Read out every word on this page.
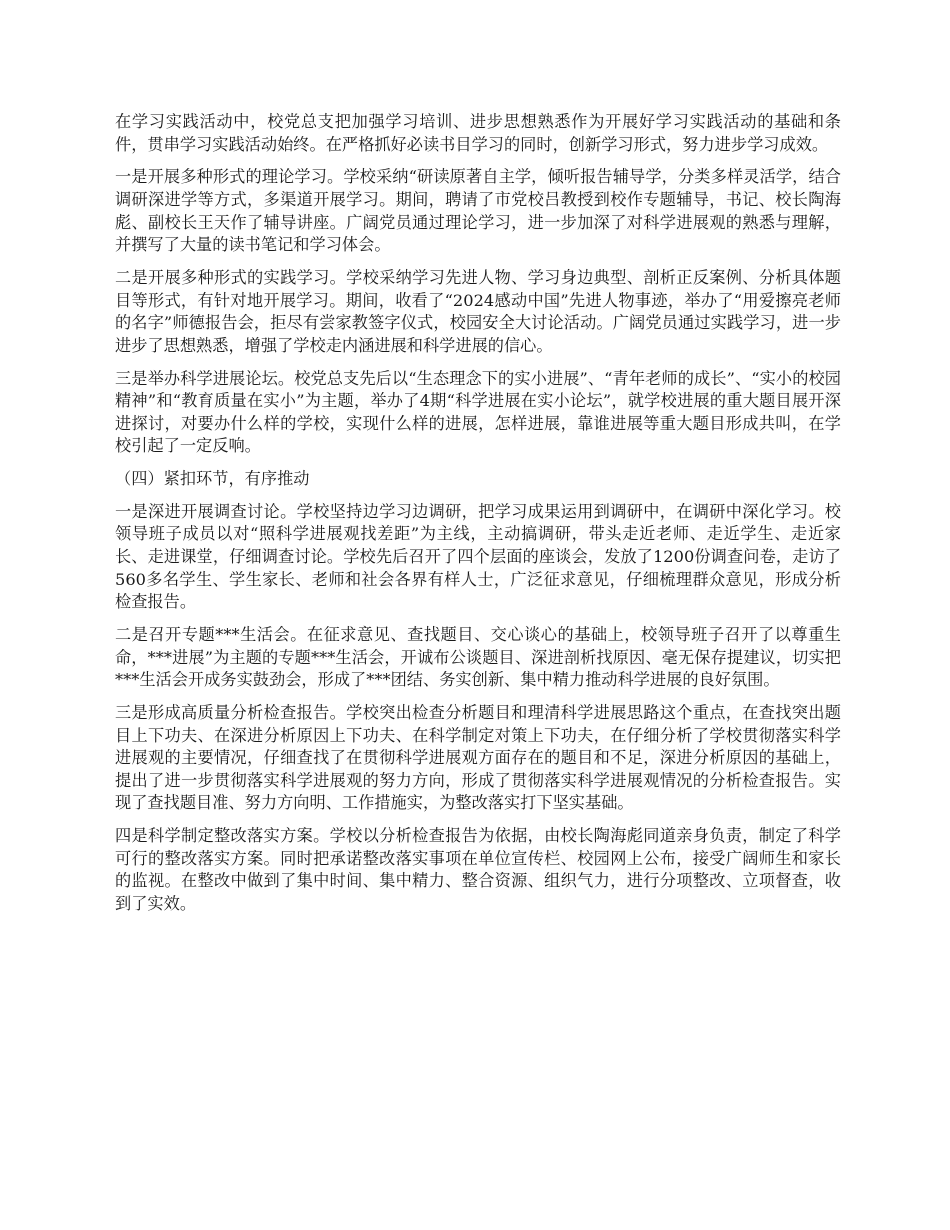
在学习实践活动中，校党总支把加强学习培训、进步思想熟悉作为开展好学习实践活动的基础和条件，贯串学习实践活动始终。在严格抓好必读书目学习的同时，创新学习形式，努力进步学习成效。

一是开展多种形式的理论学习。学校采纳“研读原著自主学，倾听报告辅导学，分类多样灵活学，结合调研深进学等方式，多渠道开展学习。期间，聘请了市党校吕教授到校作专题辅导，书记、校长陶海彪、副校长王天作了辅导讲座。广阔党员通过理论学习，进一步加深了对科学进展观的熟悉与理解，并撰写了大量的读书笔记和学习体会。

二是开展多种形式的实践学习。学校采纳学习先进人物、学习身边典型、剖析正反案例、分析具体题目等形式，有针对地开展学习。期间，收看了“2024感动中国”先进人物事迹，举办了“用爱擦亮老师的名字”师德报告会，拒尽有尝家教签字仪式，校园安全大讨论活动。广阔党员通过实践学习，进一步进步了思想熟悉，增强了学校走内涵进展和科学进展的信心。

三是举办科学进展论坛。校党总支先后以“生态理念下的实小进展”、“青年老师的成长”、“实小的校园精神”和“教育质量在实小”为主题，举办了4期“科学进展在实小论坛”，就学校进展的重大题目展开深进探讨，对要办什么样的学校，实现什么样的进展，怎样进展，靠谁进展等重大题目形成共叫，在学校引起了一定反响。

（四）紧扣环节，有序推动

一是深进开展调查讨论。学校坚持边学习边调研，把学习成果运用到调研中，在调研中深化学习。校领导班子成员以对“照科学进展观找差距”为主线，主动搞调研，带头走近老师、走近学生、走近家长、走进课堂，仔细调查讨论。学校先后召开了四个层面的座谈会，发放了1200份调查问卷，走访了560多名学生、学生家长、老师和社会各界有样人士，广泛征求意见，仔细梳理群众意见，形成分析检查报告。

二是召开专题***生活会。在征求意见、查找题目、交心谈心的基础上，校领导班子召开了以尊重生命，***进展”为主题的专题***生活会，开诚布公谈题目、深进剖析找原因、毫无保存提建议，切实把***生活会开成务实鼓劲会，形成了***团结、务实创新、集中精力推动科学进展的良好氛围。

三是形成高质量分析检查报告。学校突出检查分析题目和理清科学进展思路这个重点，在查找突出题目上下功夫、在深进分析原因上下功夫、在科学制定对策上下功夫，在仔细分析了学校贯彻落实科学进展观的主要情况，仔细查找了在贯彻科学进展观方面存在的题目和不足，深进分析原因的基础上，提出了进一步贯彻落实科学进展观的努力方向，形成了贯彻落实科学进展观情况的分析检查报告。实现了查找题目准、努力方向明、工作措施实，为整改落实打下坚实基础。

四是科学制定整改落实方案。学校以分析检查报告为依据，由校长陶海彪同道亲身负责，制定了科学可行的整改落实方案。同时把承诺整改落实事项在单位宣传栏、校园网上公布，接受广阔师生和家长的监视。在整改中做到了集中时间、集中精力、整合资源、组织气力，进行分项整改、立项督查，收到了实效。
